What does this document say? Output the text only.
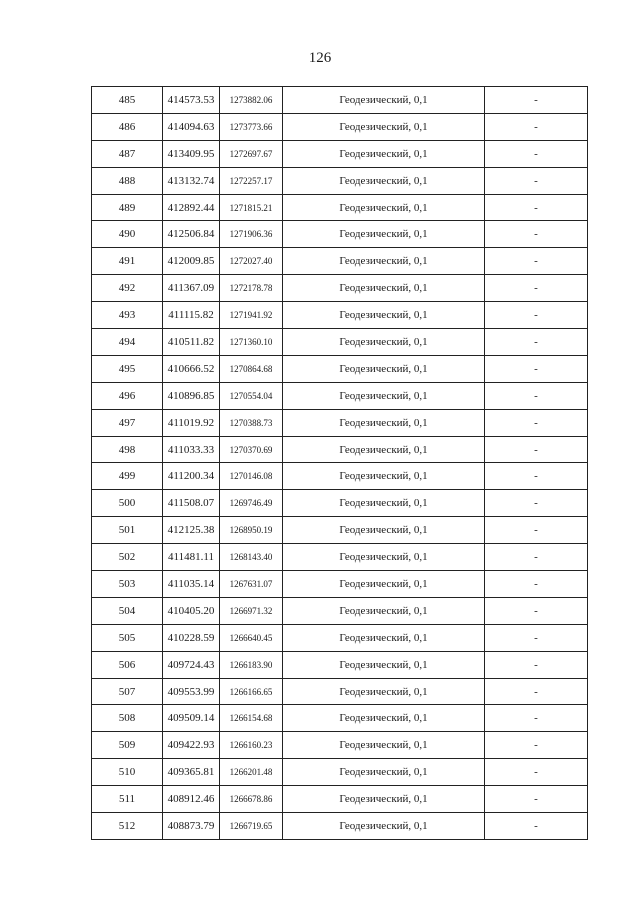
126
485	414573.53	1273882.06	Геодезический, 0,1	-
486	414094.63	1273773.66	Геодезический, 0,1	-
487	413409.95	1272697.67	Геодезический, 0,1	-
488	413132.74	1272257.17	Геодезический, 0,1	-
489	412892.44	1271815.21	Геодезический, 0,1	-
490	412506.84	1271906.36	Геодезический, 0,1	-
491	412009.85	1272027.40	Геодезический, 0,1	-
492	411367.09	1272178.78	Геодезический, 0,1	-
493	411115.82	1271941.92	Геодезический, 0,1	-
494	410511.82	1271360.10	Геодезический, 0,1	-
495	410666.52	1270864.68	Геодезический, 0,1	-
496	410896.85	1270554.04	Геодезический, 0,1	-
497	411019.92	1270388.73	Геодезический, 0,1	-
498	411033.33	1270370.69	Геодезический, 0,1	-
499	411200.34	1270146.08	Геодезический, 0,1	-
500	411508.07	1269746.49	Геодезический, 0,1	-
501	412125.38	1268950.19	Геодезический, 0,1	-
502	411481.11	1268143.40	Геодезический, 0,1	-
503	411035.14	1267631.07	Геодезический, 0,1	-
504	410405.20	1266971.32	Геодезический, 0,1	-
505	410228.59	1266640.45	Геодезический, 0,1	-
506	409724.43	1266183.90	Геодезический, 0,1	-
507	409553.99	1266166.65	Геодезический, 0,1	-
508	409509.14	1266154.68	Геодезический, 0,1	-
509	409422.93	1266160.23	Геодезический, 0,1	-
510	409365.81	1266201.48	Геодезический, 0,1	-
511	408912.46	1266678.86	Геодезический, 0,1	-
512	408873.79	1266719.65	Геодезический, 0,1	-
